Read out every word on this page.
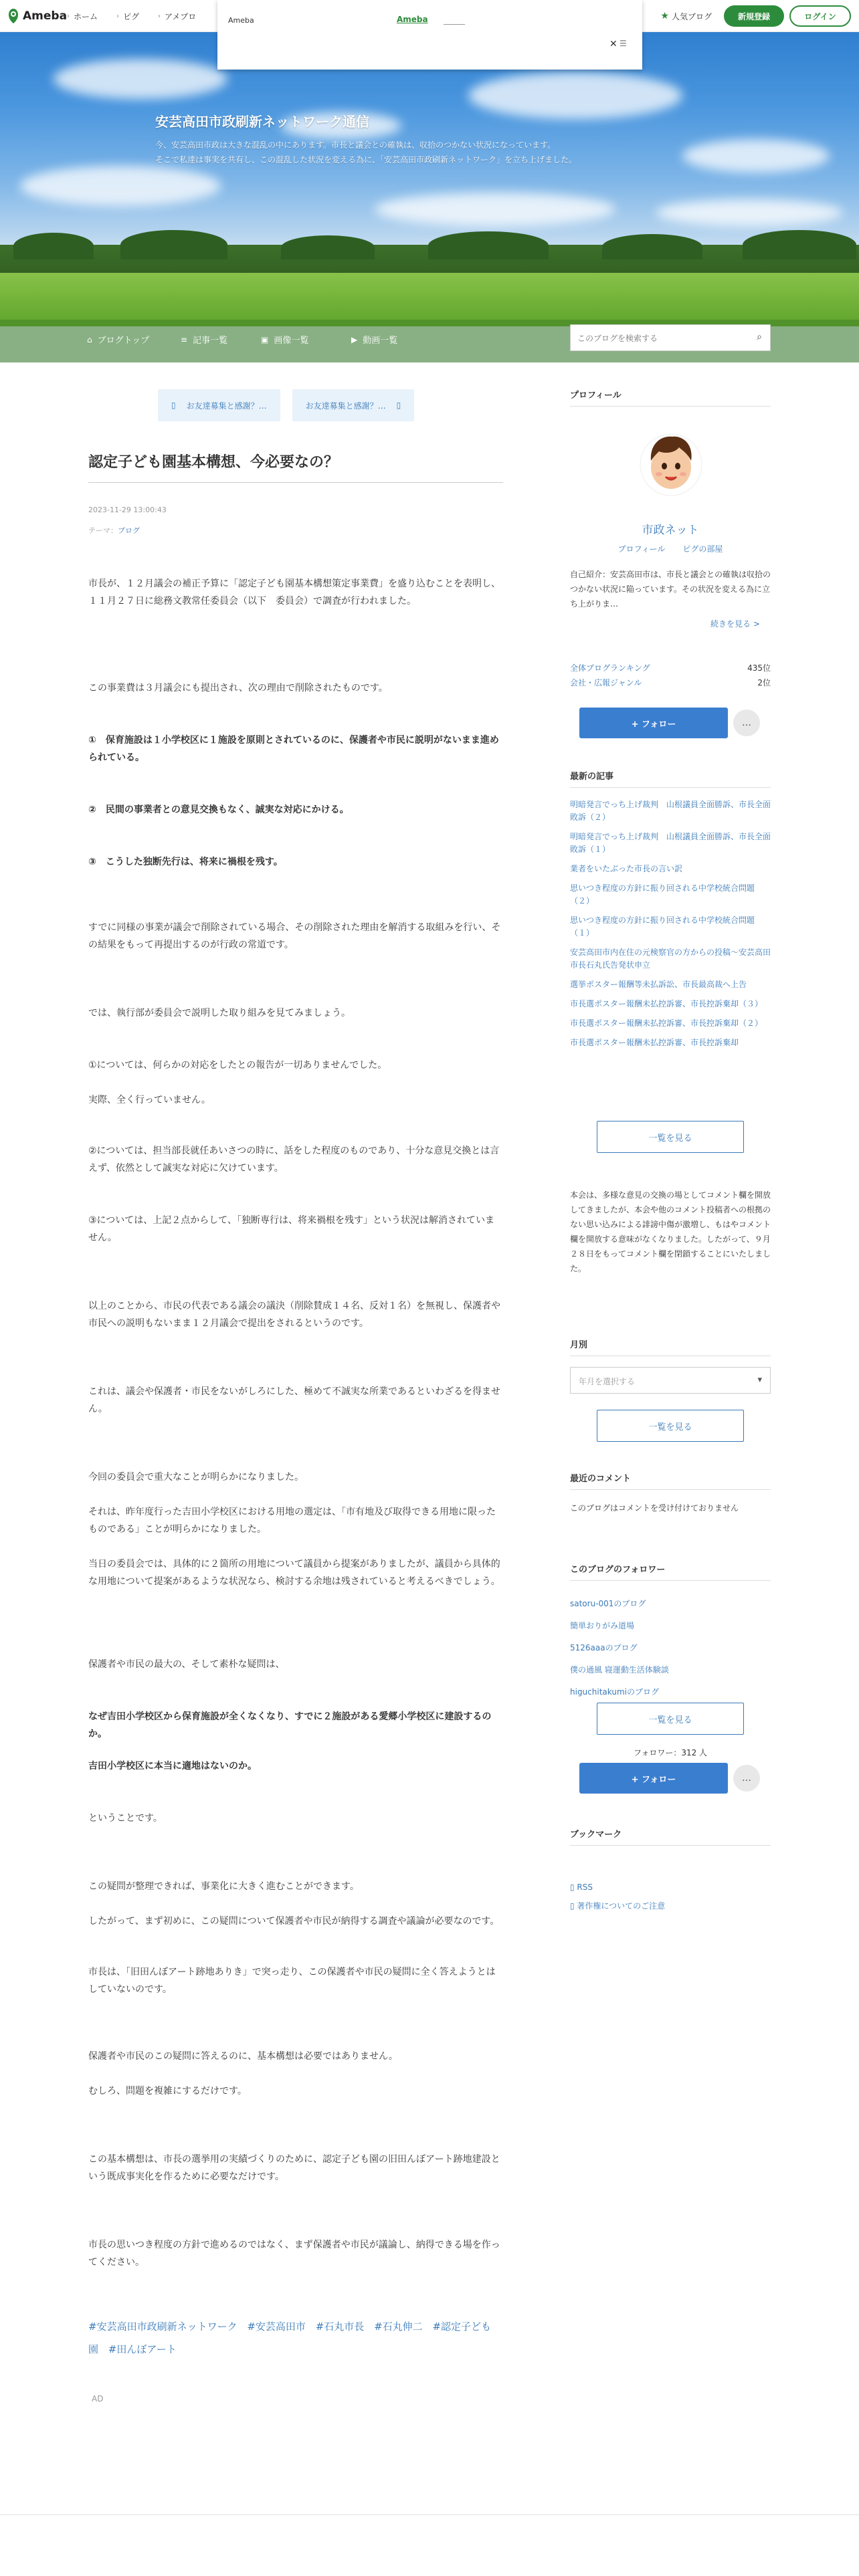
Ameba › ホーム	› ピグ	› アメブロ	★ 人気ブログ	新規登録	ログイン
安芸高田市政刷新ネットワーク通信
今、安芸高田市政は大きな混乱の中にあります。市長と議会との確執は、収拾のつかない状況になっています。
そこで私達は事実を共有し、この混乱した状況を変える為に、「安芸高田市政刷新ネットワーク」を立ち上げました。
Ameba	Ameba
✕ ☰
⌂ ブログトップ	≡ 記事一覧	▣ 画像一覧	▶ 動画一覧
このブログを検索する	⌕
▯ お友達募集と感謝？…	お友達募集と感謝？… ▯
認定子ども園基本構想、今必要なの？
2023-11-29 13:00:43
テーマ：ブログ
市長が、１２月議会の補正予算に「認定子ども園基本構想策定事業費」を盛り込むことを表明し、１１月２７日に総務文教常任委員会（以下　委員会）で調査が行われました。
この事業費は３月議会にも提出され、次の理由で削除されたものです。
①　保育施設は１小学校区に１施設を原則とされているのに、保護者や市民に説明がないまま進められている。
②　民間の事業者との意見交換もなく、誠実な対応にかける。
③　こうした独断先行は、将来に禍根を残す。
すでに同様の事業が議会で削除されている場合、その削除された理由を解消する取組みを行い、その結果をもって再提出するのが行政の常道です。
では、執行部が委員会で説明した取り組みを見てみましょう。
①については、何らかの対応をしたとの報告が一切ありませんでした。
実際、全く行っていません。
②については、担当部長就任あいさつの時に、話をした程度のものであり、十分な意見交換とは言えず、依然として誠実な対応に欠けています。
③については、上記２点からして、「独断専行は、将来禍根を残す」という状況は解消されていません。
以上のことから、市民の代表である議会の議決（削除賛成１４名、反対１名）を無視し、保護者や市民への説明もないまま１２月議会で提出をされるというのです。
これは、議会や保護者・市民をないがしろにした、極めて不誠実な所業であるといわざるを得ません。
今回の委員会で重大なことが明らかになりました。
それは、昨年度行った吉田小学校区における用地の選定は、「市有地及び取得できる用地に限ったものである」ことが明らかになりました。
当日の委員会では、具体的に２箇所の用地について議員から提案がありましたが、議員から具体的な用地について提案があるような状況なら、検討する余地は残されていると考えるべきでしょう。
保護者や市民の最大の、そして素朴な疑問は、
なぜ吉田小学校区から保育施設が全くなくなり、すでに２施設がある愛郷小学校区に建設するのか。
吉田小学校区に本当に適地はないのか。
ということです。
この疑問が整理できれば、事業化に大きく進むことができます。
したがって、まず初めに、この疑問について保護者や市民が納得する調査や議論が必要なのです。
市長は、「旧田んぼアート跡地ありき」で突っ走り、この保護者や市民の疑問に全く答えようとはしていないのです。
保護者や市民のこの疑問に答えるのに、基本構想は必要ではありません。
むしろ、問題を複雑にするだけです。
この基本構想は、市長の選挙用の実績づくりのために、認定子ども園の旧田んぼアート跡地建設という既成事実化を作るために必要なだけです。
市長の思いつき程度の方針で進めるのではなく、まず保護者や市民が議論し、納得できる場を作ってください。
#安芸高田市政刷新ネットワーク #安芸高田市 #石丸市長 #石丸伸二 #認定子ども園 #田んぼアート
AD
プロフィール
市政ネット
プロフィール ピグの部屋
自己紹介：安芸高田市は、市長と議会との確執は収拾のつかない状況に陥っています。その状況を変える為に立ち上がりま…
続きを見る >
全体ブログランキング	435位
会社・広報ジャンル	2位
+ フォロー	…
最新の記事
明暗発言でっち上げ裁判　山根議員全面勝訴、市長全面敗訴（２）
明暗発言でっち上げ裁判　山根議員全面勝訴、市長全面敗訴（１）
業者をいたぶった市長の言い訳
思いつき程度の方針に振り回される中学校統合問題（２）
思いつき程度の方針に振り回される中学校統合問題（１）
安芸高田市内在住の元検察官の方からの投稿～安芸高田市長石丸氏告発状申立
選挙ポスター報酬等未払訴訟、市長最高裁へ上告
市長選ポスター報酬未払控訴審、市長控訴棄却（３）
市長選ポスター報酬未払控訴審、市長控訴棄却（２）
市長選ポスター報酬未払控訴審、市長控訴棄却
一覧を見る
本会は、多様な意見の交換の場としてコメント欄を開放してきましたが、本会や他のコメント投稿者への根拠のない思い込みによる誹謗中傷が激増し、もはやコメント欄を開放する意味がなくなりました。したがって、９月２８日をもってコメント欄を閉鎖することにいたしました。
月別
年月を選択する	▾
一覧を見る
最近のコメント
このブログはコメントを受け付けておりません
このブログのフォロワー
satoru-001のブログ
簡単おりがみ道場
5126aaaのブログ
僕の通風 寝運動生活体験談
higuchitakumiのブログ
一覧を見る
フォロワー：312 人
+ フォロー	…
ブックマーク
▯ RSS
▯ 著作権についてのご注意
